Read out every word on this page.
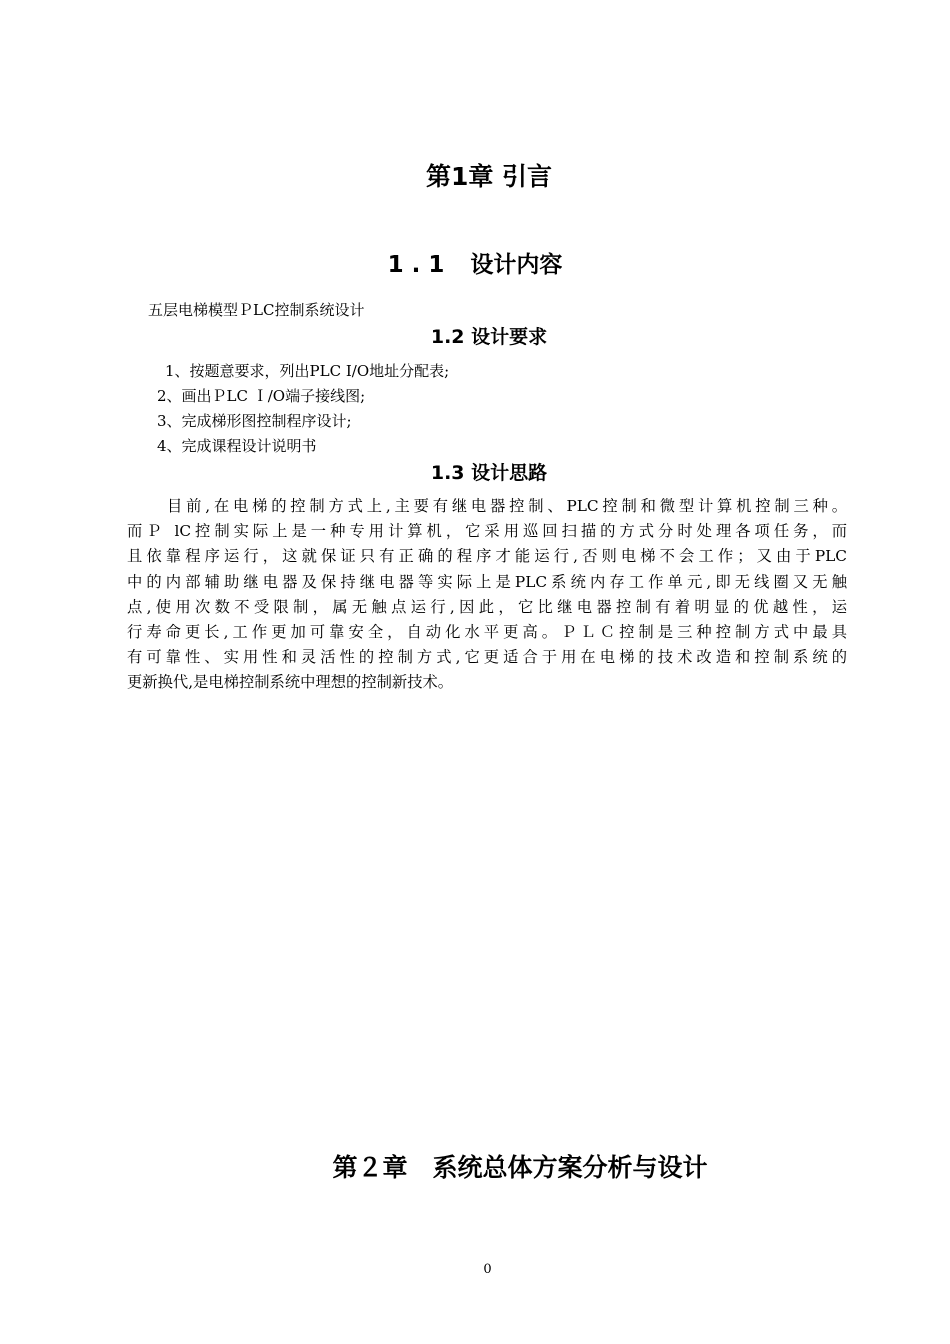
第1章 引言
1.1 设计内容
五层电梯模型ＰLC控制系统设计
1.2 设计要求
1、按题意要求，列出PLC I/O地址分配表;
2、画出ＰLC Ｉ/O端子接线图;
3、完成梯形图控制程序设计;
4、完成课程设计说明书
1.3 设计思路
目前,在电梯的控制方式上,主要有继电器控制、PLC控制和微型计算机控制三种。
而Ｐ lC控制实际上是一种专用计算机，它采用巡回扫描的方式分时处理各项任务，而
且依靠程序运行，这就保证只有正确的程序才能运行,否则电梯不会工作；又由于PLC
中的内部辅助继电器及保持继电器等实际上是PLC系统内存工作单元,即无线圈又无触
点,使用次数不受限制，属无触点运行,因此，它比继电器控制有着明显的优越性，运
行寿命更长,工作更加可靠安全，自动化水平更高。ＰＬＣ控制是三种控制方式中最具
有可靠性、实用性和灵活性的控制方式,它更适合于用在电梯的技术改造和控制系统的
更新换代,是电梯控制系统中理想的控制新技术。
第２章　系统总体方案分析与设计
0
